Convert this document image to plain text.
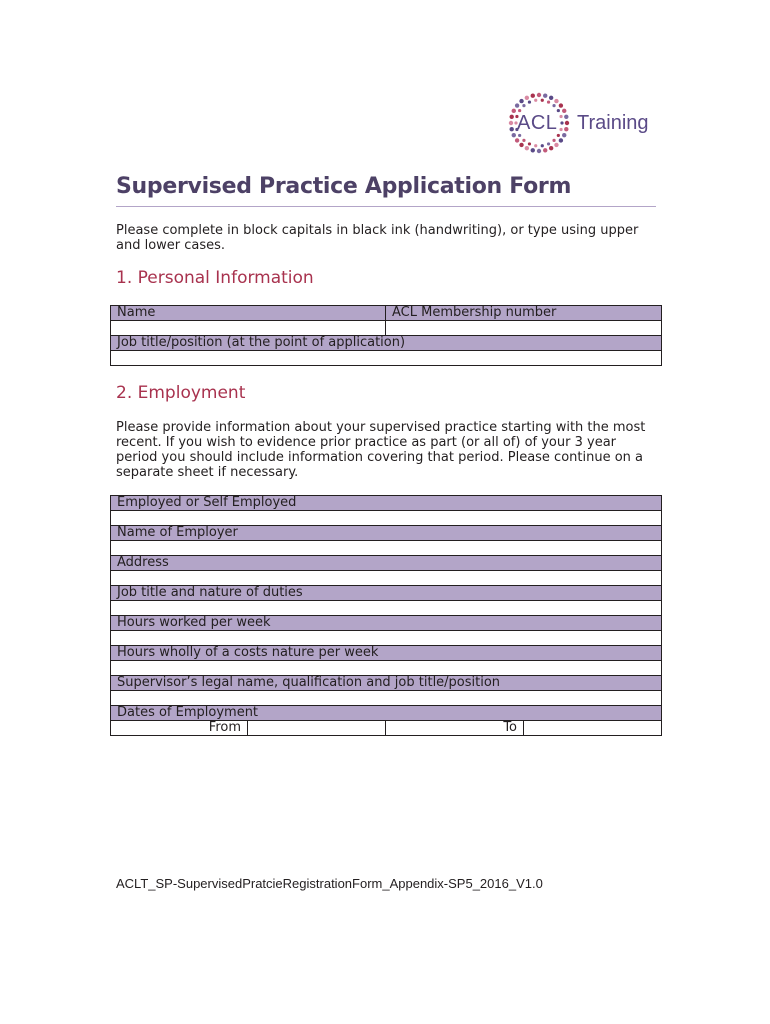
ACL Training
Supervised Practice Application Form

Please complete in block capitals in black ink (handwriting), or type using upper and lower cases.

1. Personal Information
Name	ACL Membership number

Job title/position (at the point of application)	

2. Employment

Please provide information about your supervised practice starting with the most recent. If you wish to evidence prior practice as part (or all of) of your 3 year period you should include information covering that period. Please continue on a separate sheet if necessary.

Employed or Self Employed

Name of Employer

Address

Job title and nature of duties

Hours worked per week

Hours wholly of a costs nature per week

Supervisor’s legal name, qualification and job title/position

Dates of Employment
From		To	

ACLT_SP-SupervisedPratcieRegistrationForm_Appendix-SP5_2016_V1.0
